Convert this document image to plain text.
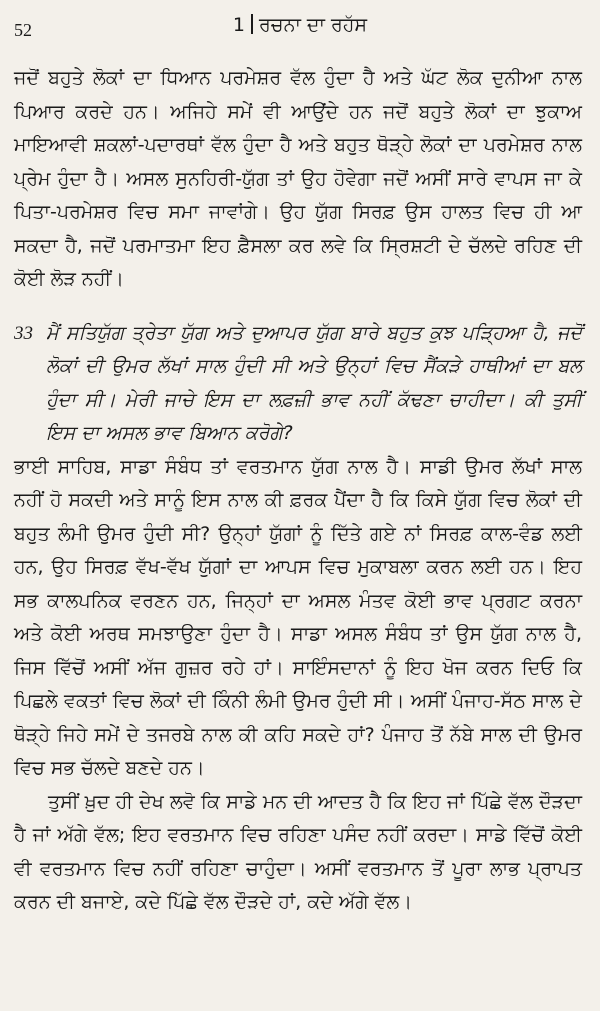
52	1 ਰਚਨਾ ਦਾ ਰਹੱਸ

ਜਦੋਂ ਬਹੁਤੇ ਲੋਕਾਂ ਦਾ ਧਿਆਨ ਪਰਮੇਸ਼ਰ ਵੱਲ ਹੁੰਦਾ ਹੈ ਅਤੇ ਘੱਟ ਲੋਕ ਦੁਨੀਆ ਨਾਲ ਪਿਆਰ ਕਰਦੇ ਹਨ। ਅਜਿਹੇ ਸਮੇਂ ਵੀ ਆਉਂਦੇ ਹਨ ਜਦੋਂ ਬਹੁਤੇ ਲੋਕਾਂ ਦਾ ਝੁਕਾਅ ਮਾਇਆਵੀ ਸ਼ਕਲਾਂ-ਪਦਾਰਥਾਂ ਵੱਲ ਹੁੰਦਾ ਹੈ ਅਤੇ ਬਹੁਤ ਥੋੜ੍ਹੇ ਲੋਕਾਂ ਦਾ ਪਰਮੇਸ਼ਰ ਨਾਲ ਪ੍ਰੇਮ ਹੁੰਦਾ ਹੈ। ਅਸਲ ਸੁਨਹਿਰੀ-ਯੁੱਗ ਤਾਂ ਉਹ ਹੋਵੇਗਾ ਜਦੋਂ ਅਸੀਂ ਸਾਰੇ ਵਾਪਸ ਜਾ ਕੇ ਪਿਤਾ-ਪਰਮੇਸ਼ਰ ਵਿਚ ਸਮਾ ਜਾਵਾਂਗੇ। ਉਹ ਯੁੱਗ ਸਿਰਫ਼ ਉਸ ਹਾਲਤ ਵਿਚ ਹੀ ਆ ਸਕਦਾ ਹੈ, ਜਦੋਂ ਪਰਮਾਤਮਾ ਇਹ ਫ਼ੈਸਲਾ ਕਰ ਲਵੇ ਕਿ ਸ੍ਰਿਸ਼ਟੀ ਦੇ ਚੱਲਦੇ ਰਹਿਣ ਦੀ ਕੋਈ ਲੋੜ ਨਹੀਂ।

33 ਮੈਂ ਸਤਿਯੁੱਗ ਤ੍ਰੇਤਾ ਯੁੱਗ ਅਤੇ ਦੁਆਪਰ ਯੁੱਗ ਬਾਰੇ ਬਹੁਤ ਕੁਝ ਪੜ੍ਹਿਆ ਹੈ, ਜਦੋਂ ਲੋਕਾਂ ਦੀ ਉਮਰ ਲੱਖਾਂ ਸਾਲ ਹੁੰਦੀ ਸੀ ਅਤੇ ਉਨ੍ਹਾਂ ਵਿਚ ਸੈਂਕੜੇ ਹਾਥੀਆਂ ਦਾ ਬਲ ਹੁੰਦਾ ਸੀ। ਮੇਰੀ ਜਾਚੇ ਇਸ ਦਾ ਲਫ਼ਜ਼ੀ ਭਾਵ ਨਹੀਂ ਕੱਢਣਾ ਚਾਹੀਦਾ। ਕੀ ਤੁਸੀਂ ਇਸ ਦਾ ਅਸਲ ਭਾਵ ਬਿਆਨ ਕਰੋਗੇ?

ਭਾਈ ਸਾਹਿਬ, ਸਾਡਾ ਸੰਬੰਧ ਤਾਂ ਵਰਤਮਾਨ ਯੁੱਗ ਨਾਲ ਹੈ। ਸਾਡੀ ਉਮਰ ਲੱਖਾਂ ਸਾਲ ਨਹੀਂ ਹੋ ਸਕਦੀ ਅਤੇ ਸਾਨੂੰ ਇਸ ਨਾਲ ਕੀ ਫ਼ਰਕ ਪੈਂਦਾ ਹੈ ਕਿ ਕਿਸੇ ਯੁੱਗ ਵਿਚ ਲੋਕਾਂ ਦੀ ਬਹੁਤ ਲੰਮੀ ਉਮਰ ਹੁੰਦੀ ਸੀ? ਉਨ੍ਹਾਂ ਯੁੱਗਾਂ ਨੂੰ ਦਿੱਤੇ ਗਏ ਨਾਂ ਸਿਰਫ਼ ਕਾਲ-ਵੰਡ ਲਈ ਹਨ, ਉਹ ਸਿਰਫ਼ ਵੱਖ-ਵੱਖ ਯੁੱਗਾਂ ਦਾ ਆਪਸ ਵਿਚ ਮੁਕਾਬਲਾ ਕਰਨ ਲਈ ਹਨ। ਇਹ ਸਭ ਕਾਲਪਨਿਕ ਵਰਣਨ ਹਨ, ਜਿਨ੍ਹਾਂ ਦਾ ਅਸਲ ਮੰਤਵ ਕੋਈ ਭਾਵ ਪ੍ਰਗਟ ਕਰਨਾ ਅਤੇ ਕੋਈ ਅਰਥ ਸਮਝਾਉਣਾ ਹੁੰਦਾ ਹੈ। ਸਾਡਾ ਅਸਲ ਸੰਬੰਧ ਤਾਂ ਉਸ ਯੁੱਗ ਨਾਲ ਹੈ, ਜਿਸ ਵਿੱਚੋਂ ਅਸੀਂ ਅੱਜ ਗੁਜ਼ਰ ਰਹੇ ਹਾਂ। ਸਾਇੰਸਦਾਨਾਂ ਨੂੰ ਇਹ ਖੋਜ ਕਰਨ ਦਿਓ ਕਿ ਪਿਛਲੇ ਵਕਤਾਂ ਵਿਚ ਲੋਕਾਂ ਦੀ ਕਿੰਨੀ ਲੰਮੀ ਉਮਰ ਹੁੰਦੀ ਸੀ। ਅਸੀਂ ਪੰਜਾਹ-ਸੱਠ ਸਾਲ ਦੇ ਥੋੜ੍ਹੇ ਜਿਹੇ ਸਮੇਂ ਦੇ ਤਜਰਬੇ ਨਾਲ ਕੀ ਕਹਿ ਸਕਦੇ ਹਾਂ? ਪੰਜਾਹ ਤੋਂ ਨੱਬੇ ਸਾਲ ਦੀ ਉਮਰ ਵਿਚ ਸਭ ਚੱਲਦੇ ਬਣਦੇ ਹਨ।

ਤੁਸੀਂ ਖ਼ੁਦ ਹੀ ਦੇਖ ਲਵੋ ਕਿ ਸਾਡੇ ਮਨ ਦੀ ਆਦਤ ਹੈ ਕਿ ਇਹ ਜਾਂ ਪਿੱਛੇ ਵੱਲ ਦੌੜਦਾ ਹੈ ਜਾਂ ਅੱਗੇ ਵੱਲ; ਇਹ ਵਰਤਮਾਨ ਵਿਚ ਰਹਿਣਾ ਪਸੰਦ ਨਹੀਂ ਕਰਦਾ। ਸਾਡੇ ਵਿੱਚੋਂ ਕੋਈ ਵੀ ਵਰਤਮਾਨ ਵਿਚ ਨਹੀਂ ਰਹਿਣਾ ਚਾਹੁੰਦਾ। ਅਸੀਂ ਵਰਤਮਾਨ ਤੋਂ ਪੂਰਾ ਲਾਭ ਪ੍ਰਾਪਤ ਕਰਨ ਦੀ ਬਜਾਏ, ਕਦੇ ਪਿੱਛੇ ਵੱਲ ਦੌੜਦੇ ਹਾਂ, ਕਦੇ ਅੱਗੇ ਵੱਲ।
